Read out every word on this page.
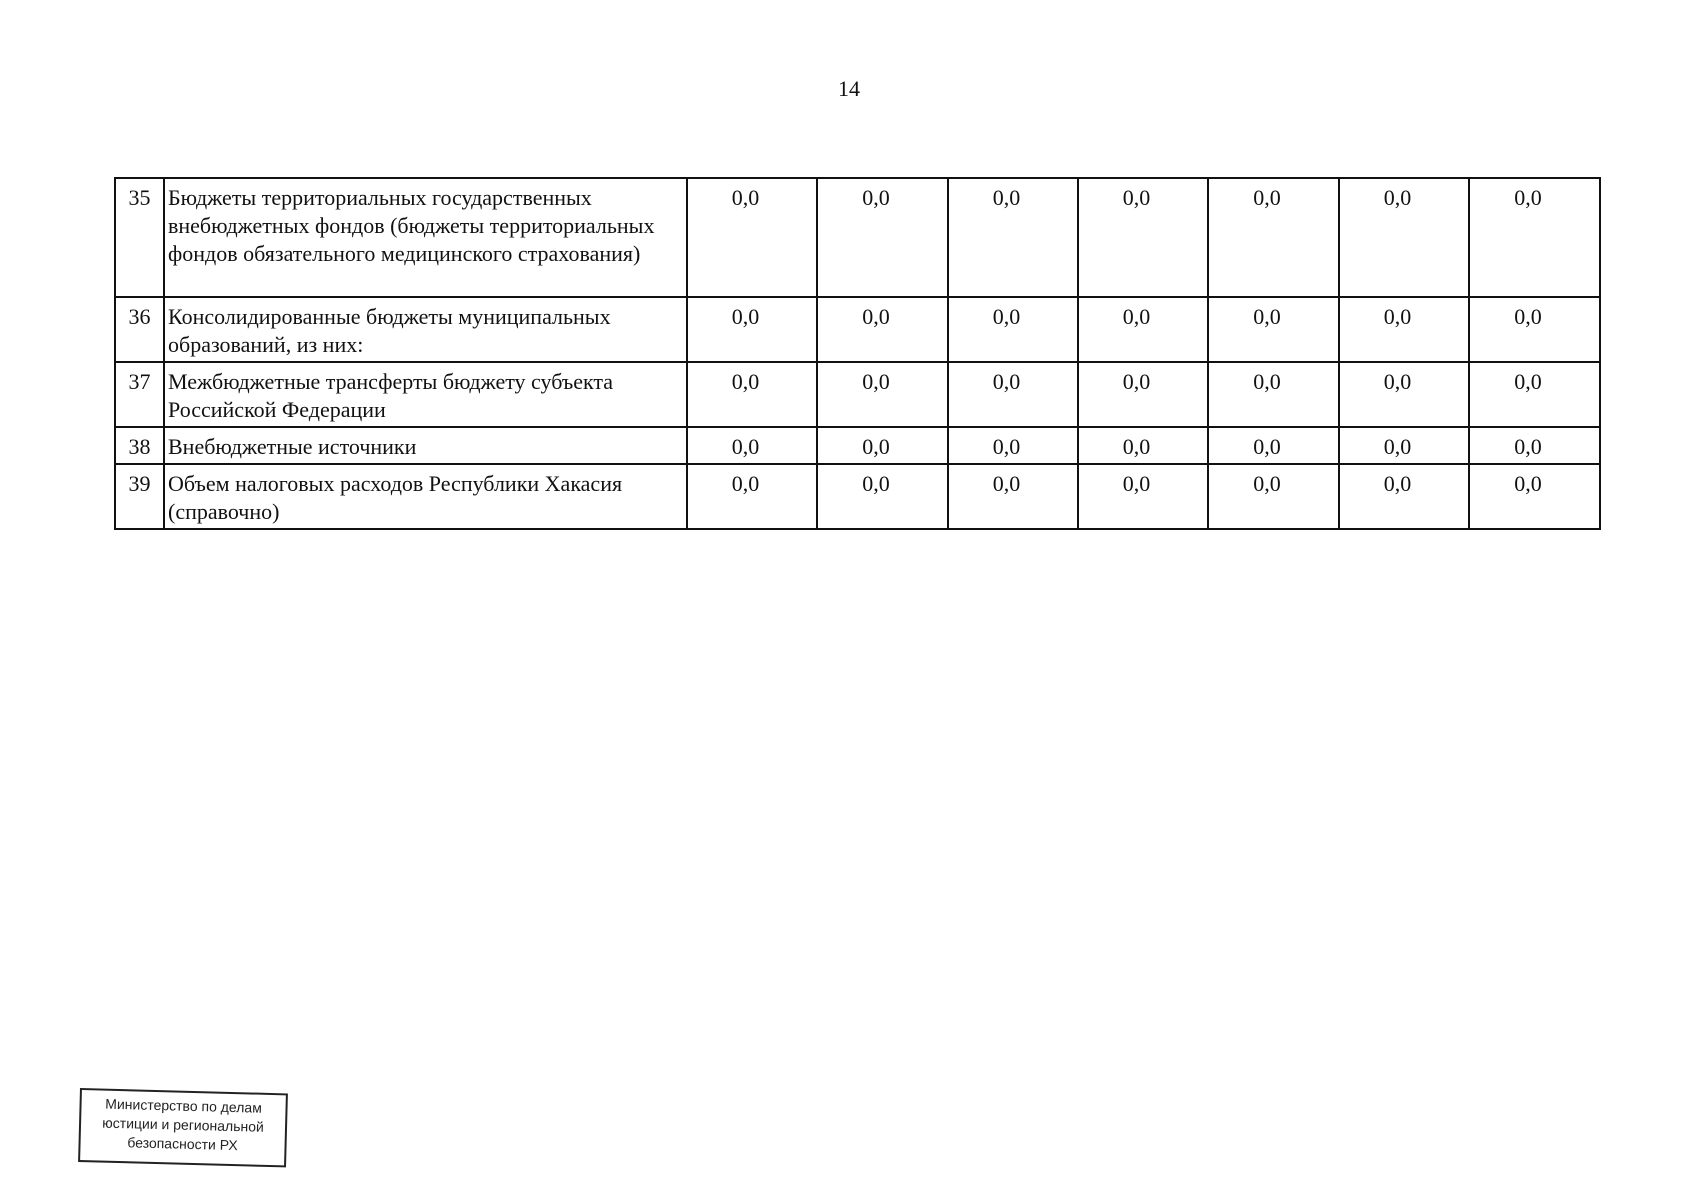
14
35	Бюджеты территориальных государственных внебюджетных фондов (бюджеты территориальных фондов обязательного медицинского страхования)	0,0	0,0	0,0	0,0	0,0	0,0	0,0
36	Консолидированные бюджеты муниципальных образований, из них:	0,0	0,0	0,0	0,0	0,0	0,0	0,0
37	Межбюджетные трансферты бюджету субъекта Российской Федерации	0,0	0,0	0,0	0,0	0,0	0,0	0,0
38	Внебюджетные источники	0,0	0,0	0,0	0,0	0,0	0,0	0,0
39	Объем налоговых расходов Республики Хакасия (справочно)	0,0	0,0	0,0	0,0	0,0	0,0	0,0
Министерство по делам
юстиции и региональной
безопасности РХ
